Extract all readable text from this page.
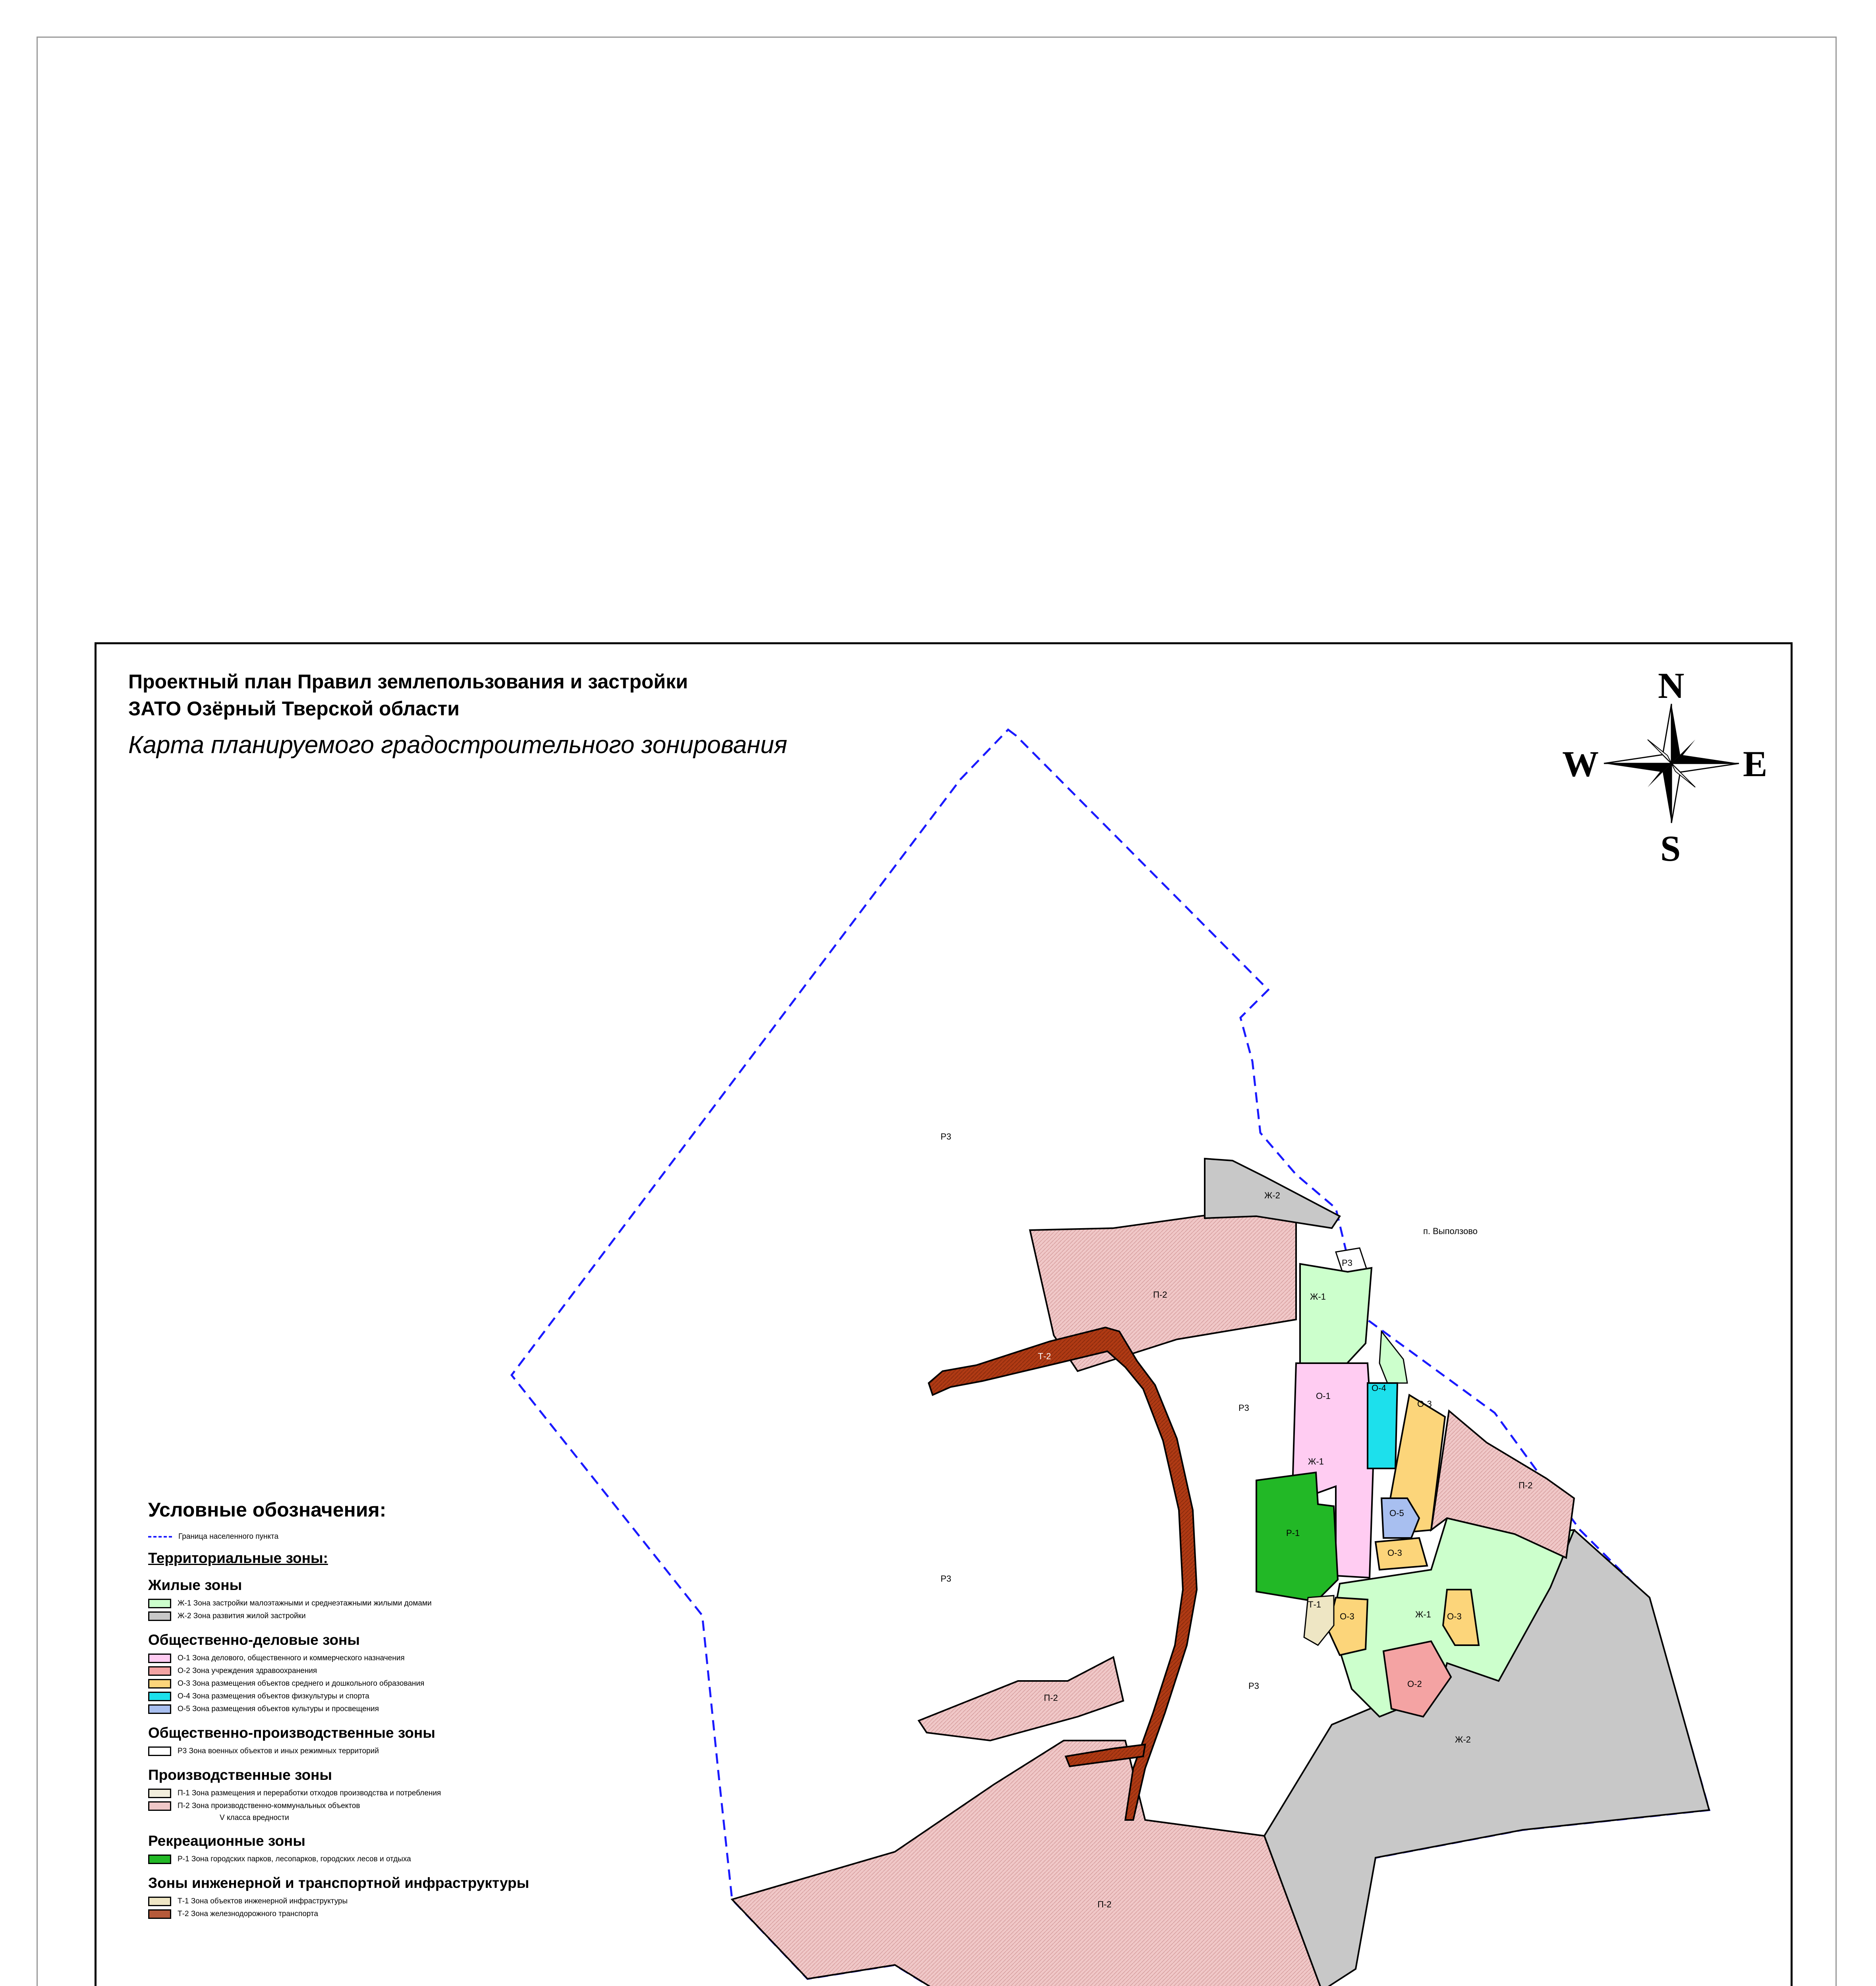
Проектный план Правил землепользования и застройки
ЗАТО Озёрный Тверской области
Карта планируемого градостроительного зонирования
Р3
Р3
Р3
Р3
Р3
Ж-2
Ж-2
п. Выползово
П-2
П-2
П-2
П-2
Ж-1
Ж-1
Ж-1
О-1
О-4
О-3
О-5
О-3
О-3	О-3
О-2
Р-1
Т-1
Т-2
N
S
W	E
Условные обозначения:
Граница населенного пункта
Территориальные зоны:
Жилые зоны
Ж-1 Зона застройки малоэтажными и среднеэтажными жилыми домами
Ж-2 Зона развития жилой застройки
Общественно-деловые зоны
О-1 Зона делового, общественного и коммерческого назначения
О-2 Зона учреждения здравоохранения
О-3 Зона размещения объектов среднего и дошкольного образования
О-4 Зона размещения объектов физкультуры и спорта
О-5 Зона размещения объектов культуры и просвещения
Общественно-производственные зоны
Р3 Зона военных объектов и иных режимных территорий
Производственные зоны
П-1 Зона размещения и переработки отходов производства и потребления
П-2 Зона производственно-коммунальных объектов
V класса вредности
Рекреационные зоны
Р-1 Зона городских парков, лесопарков, городских лесов и отдыха
Зоны инженерной и транспортной инфраструктуры
Т-1 Зона объектов инженерной инфраструктуры
Т-2 Зона железнодорожного транспорта
